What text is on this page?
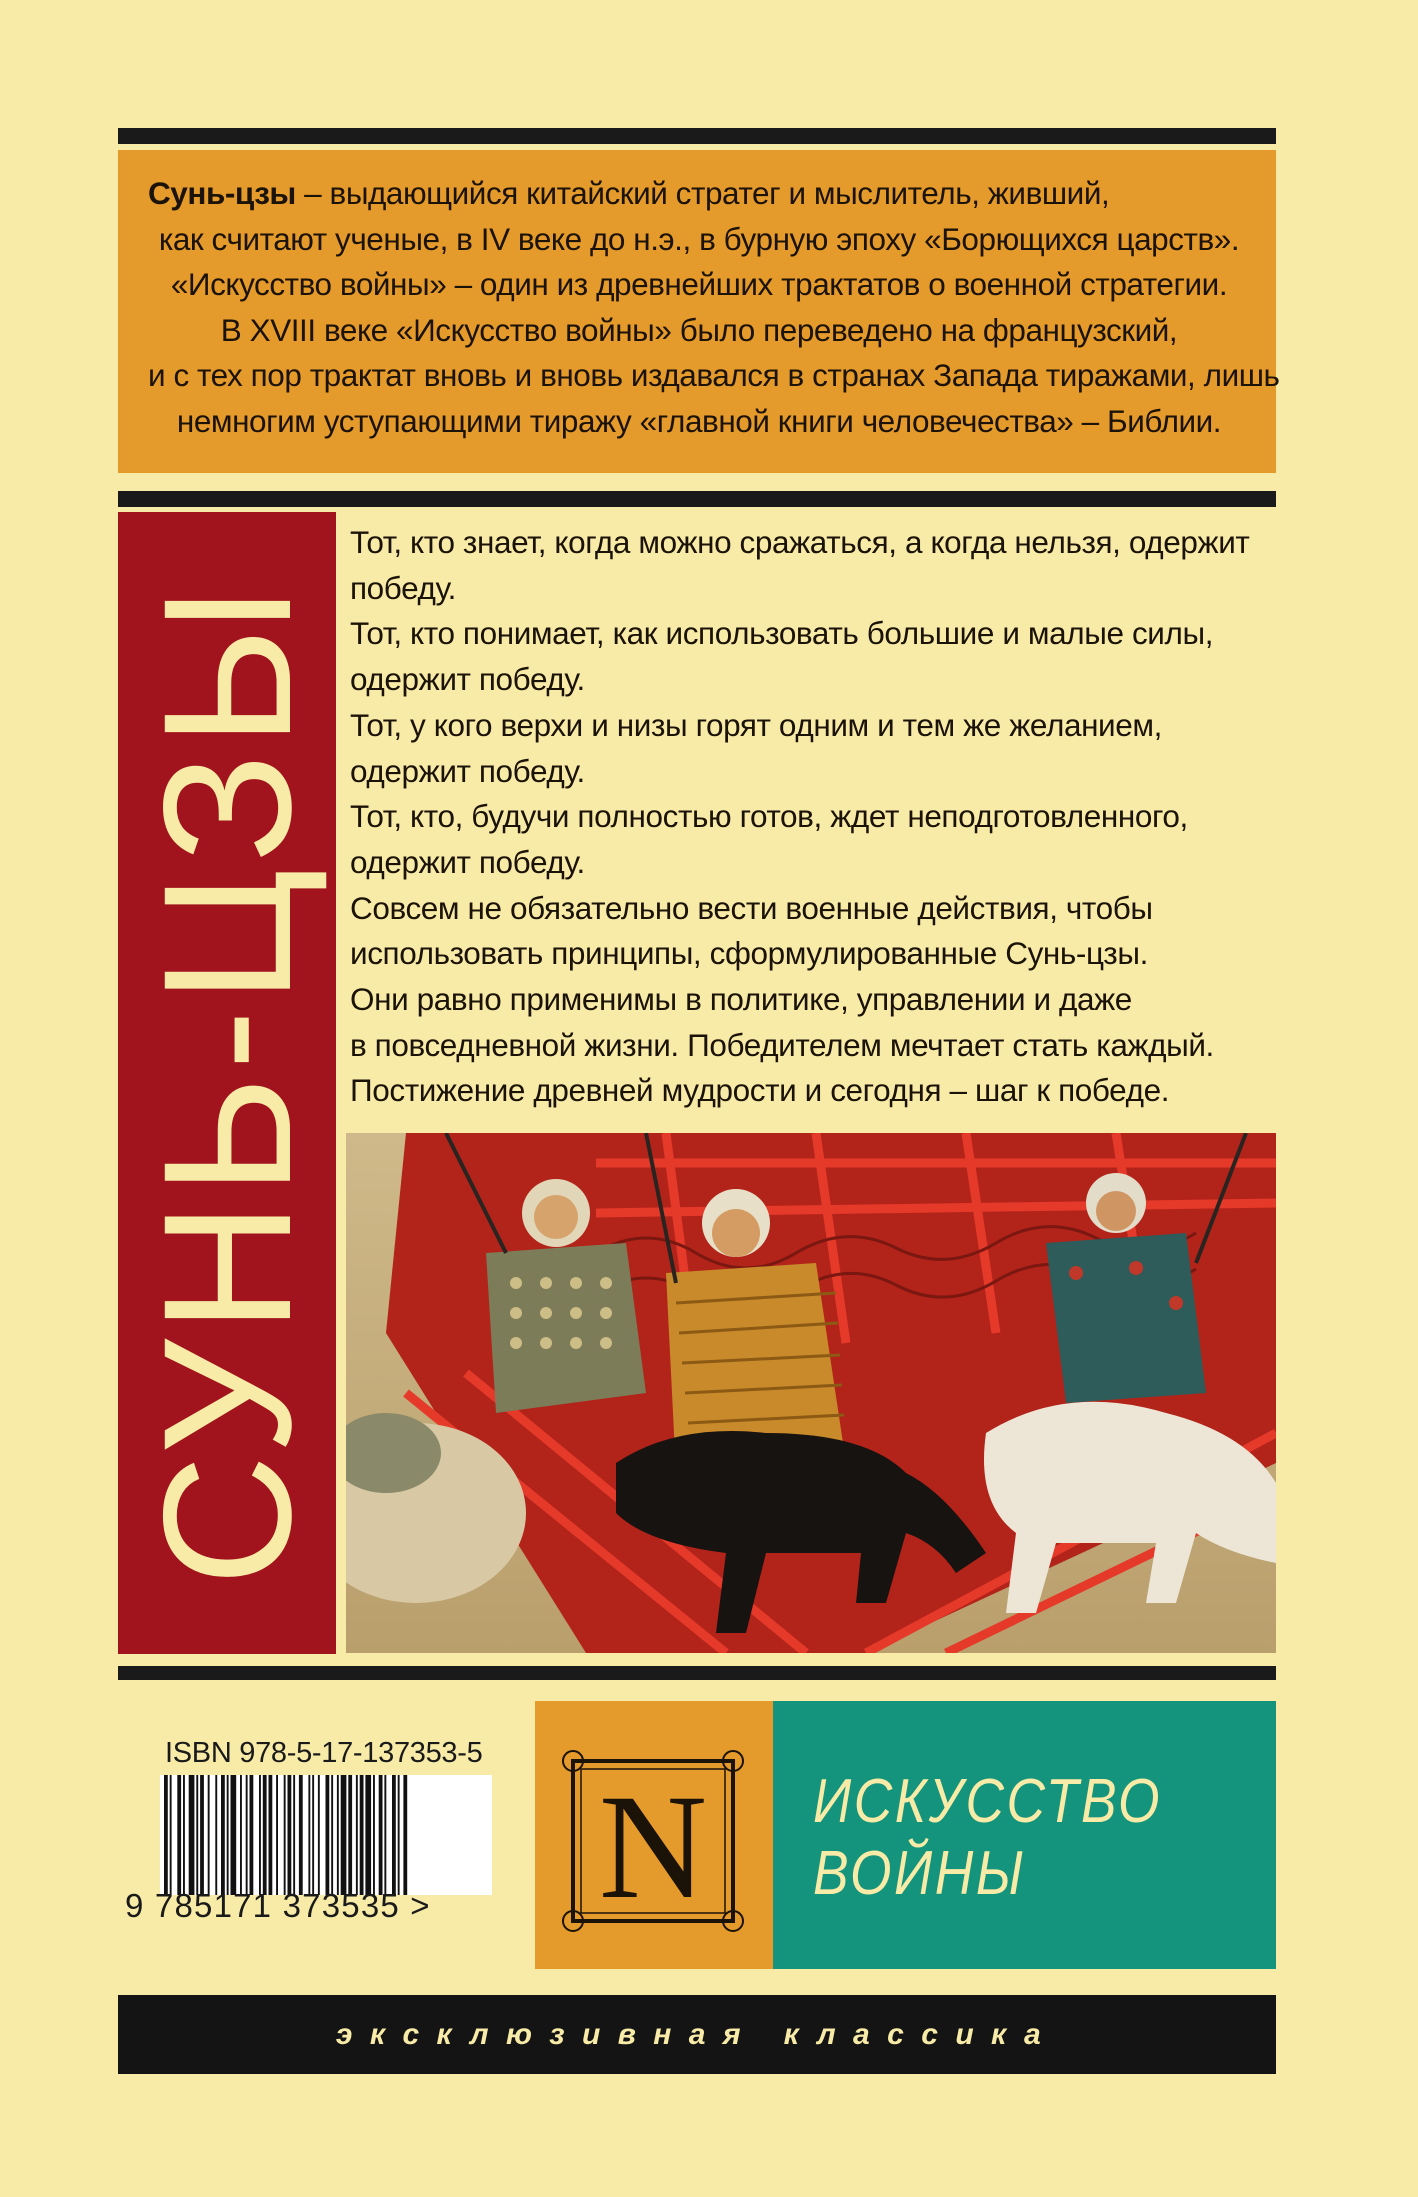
Сунь-цзы – выдающийся китайский стратег и мыслитель, живший,
как считают ученые, в IV веке до н.э., в бурную эпоху «Борющихся царств».
«Искусство войны» – один из древнейших трактатов о военной стратегии.
В XVIII веке «Искусство войны» было переведено на французский,
и с тех пор трактат вновь и вновь издавался в странах Запада тиражами, лишь
немногим уступающими тиражу «главной книги человечества» – Библии.
СУНЬ-ЦЗЫ
Тот, кто знает, когда можно сражаться, а когда нельзя, одержит
победу.
Тот, кто понимает, как использовать большие и малые силы,
одержит победу.
Тот, у кого верхи и низы горят одним и тем же желанием,
одержит победу.
Тот, кто, будучи полностью готов, ждет неподготовленного,
одержит победу.
Совсем не обязательно вести военные действия, чтобы
использовать принципы, сформулированные Сунь-цзы.
Они равно применимы в политике, управлении и даже
в повседневной жизни. Победителем мечтает стать каждый.
Постижение древней мудрости и сегодня – шаг к победе.
ISBN 978-5-17-137353-5
9 785171 373535 >	N ИСКУССТВО
ВОЙНЫ
эксклюзивная классика
